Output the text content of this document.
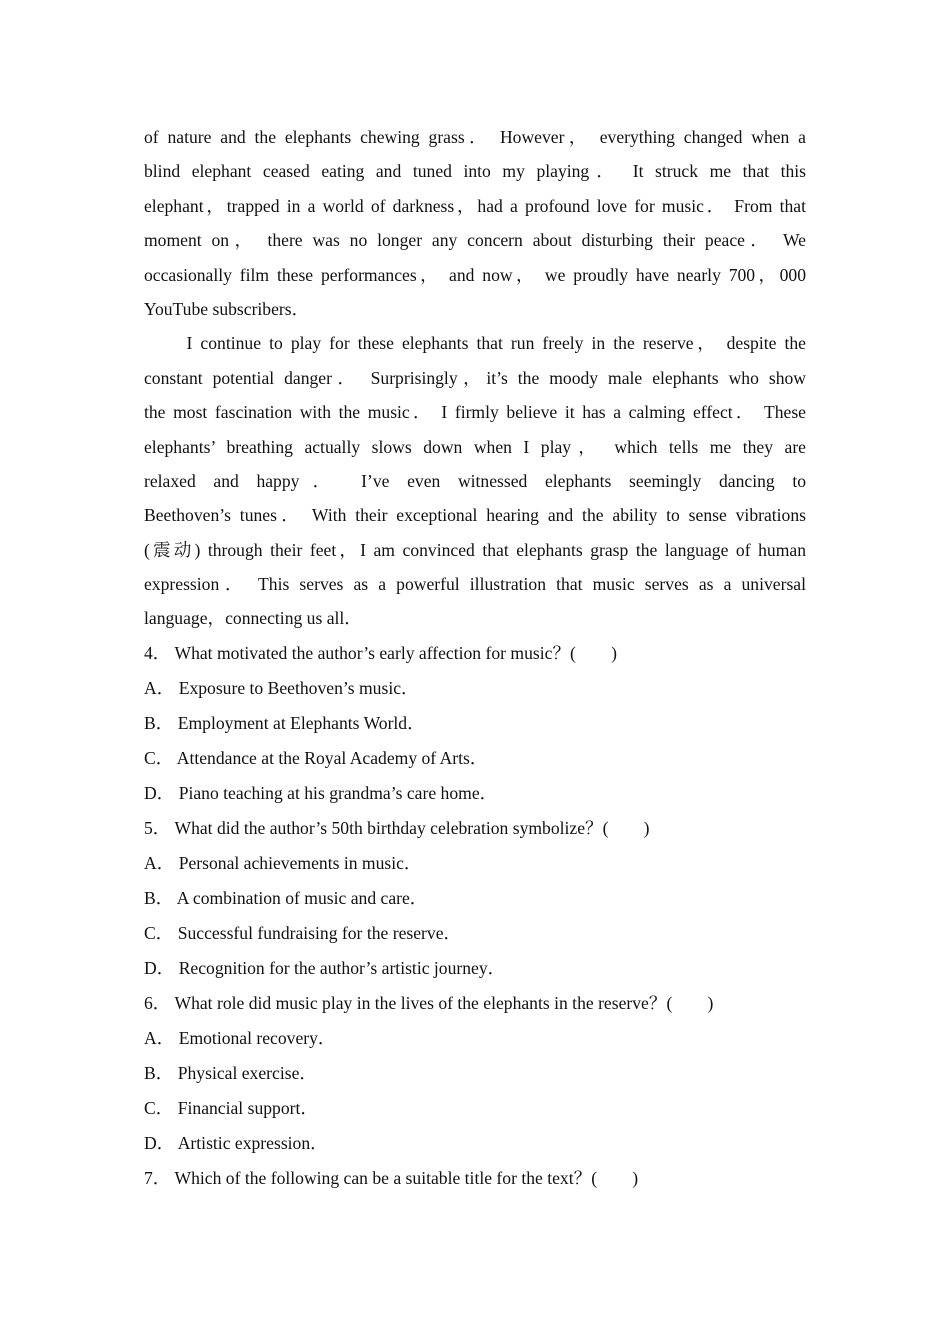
of nature and the elephants chewing grass． However， everything changed when a
blind elephant ceased eating and tuned into my playing． It struck me that this
elephant，trapped in a world of darkness，had a profound love for music． From that
moment on， there was no longer any concern about disturbing their peace． We
occasionally film these performances， and now， we proudly have nearly 700，000
YouTube subscribers．
　　I continue to play for these elephants that run freely in the reserve， despite the
constant potential danger． Surprisingly，it’s the moody male elephants who show
the most fascination with the music． I firmly believe it has a calming effect． These
elephants’ breathing actually slows down when I play， which tells me they are
relaxed and happy． I’ve even witnessed elephants seemingly dancing to
Beethoven’s tunes． With their exceptional hearing and the ability to sense vibrations
(震动) through their feet，I am convinced that elephants grasp the language of human
expression． This serves as a powerful illustration that music serves as a universal
language，connecting us all．
4． What motivated the author’s early affection for music？(　　)
A． Exposure to Beethoven’s music．
B． Employment at Elephants World．
C． Attendance at the Royal Academy of Arts．
D． Piano teaching at his grandma’s care home．
5． What did the author’s 50th birthday celebration symbolize？(　　)
A． Personal achievements in music．
B． A combination of music and care．
C． Successful fundraising for the reserve．
D． Recognition for the author’s artistic journey．
6． What role did music play in the lives of the elephants in the reserve？(　　)
A． Emotional recovery．
B． Physical exercise．
C． Financial support．
D． Artistic expression．
7． Which of the following can be a suitable title for the text？(　　)
